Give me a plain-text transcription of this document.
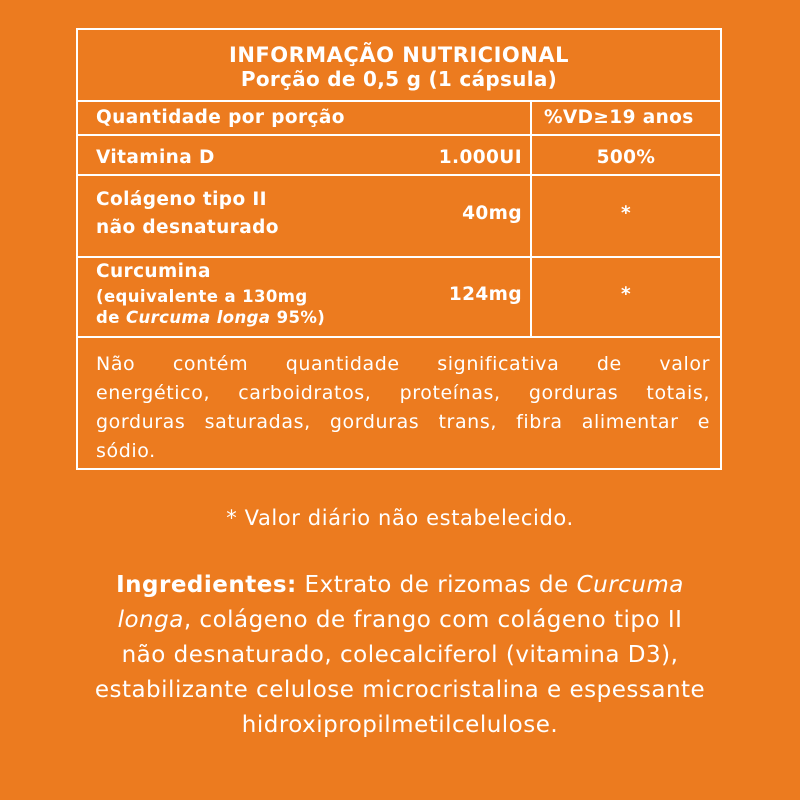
INFORMAÇÃO NUTRICIONAL
Porção de 0,5 g (1 cápsula)
Quantidade por porção	%VD≥19 anos
Vitamina D	1.000UI	500%
Colágeno tipo II
não desnaturado
40mg	*
Curcumina
(equivalente a 130mg
de Curcuma longa 95%)
124mg	*
Não contém quantidade significativa de valor energético, carboidratos, proteínas, gorduras totais, gorduras saturadas, gorduras trans, fibra alimentar e sódio.
* Valor diário não estabelecido.
Ingredientes: Extrato de rizomas de Curcuma longa, colágeno de frango com colágeno tipo II não desnaturado, colecalciferol (vitamina D3), estabilizante celulose microcristalina e espessante hidroxipropilmetilcelulose.
